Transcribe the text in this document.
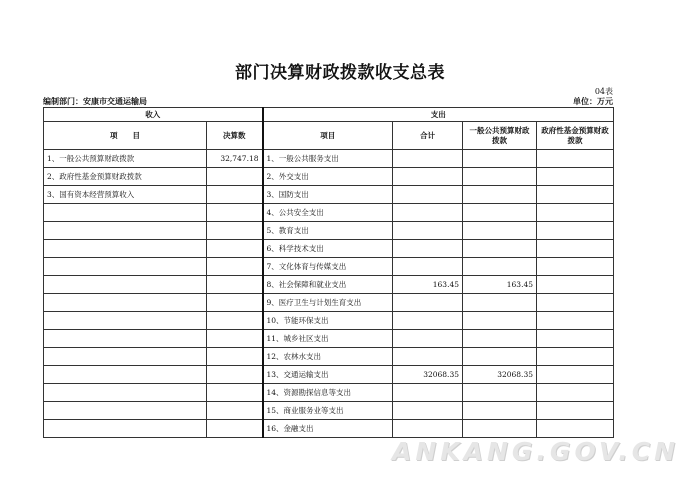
部门决算财政拨款收支总表
04表
编制部门：安康市交通运输局	单位：万元
收入		支出			
项　　目	决算数	项目	合计	一般公共预算财政拨款	政府性基金预算财政拨款
1、一般公共预算财政拨款	32,747.18	1、一般公共服务支出			
2、政府性基金预算财政拨款		2、外交支出			
3、国有资本经营预算收入		3、国防支出			
		4、公共安全支出			
		5、教育支出			
		6、科学技术支出			
		7、文化体育与传媒支出			
		8、社会保障和就业支出	163.45	163.45	
		9、医疗卫生与计划生育支出			
		10、节能环保支出			
		11、城乡社区支出			
		12、农林水支出			
		13、交通运输支出	32068.35	32068.35	
		14、资源勘探信息等支出			
		15、商业服务业等支出			
		16、金融支出			
ANKANG.GOV.CN
